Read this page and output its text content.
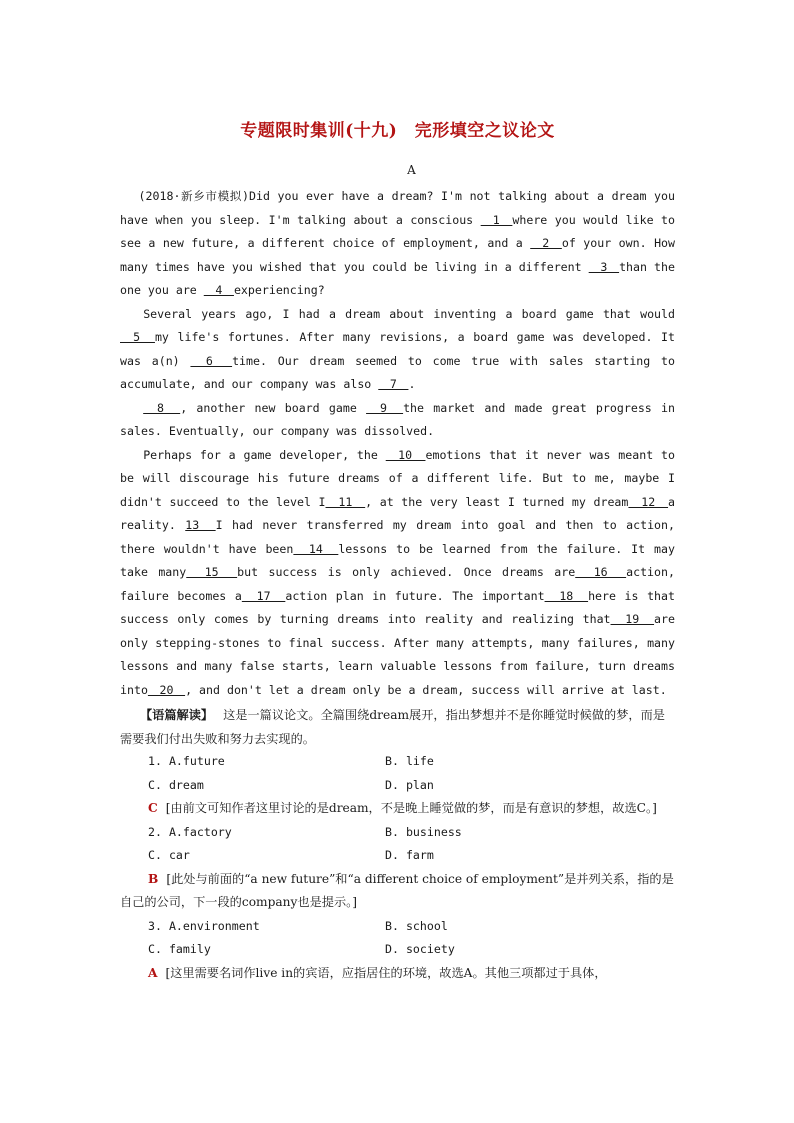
专题限时集训(十九)　完形填空之议论文
A

(2018·新乡市模拟)Did you ever have a dream? I'm not talking about a dream you have when you sleep. I'm talking about a conscious 　1　where you would like to see a new future, a different choice of employment, and a 　2　of your own. How many times have you wished that you could be living in a different 　3　than the one you are 　4　experiencing?

Several years ago, I had a dream about inventing a board game that would 　5　my life's fortunes. After many revisions, a board game was developed. It was a(n) 　6　time. Our dream seemed to come true with sales starting to accumulate, and our company was also 　7　.

　8　, another new board game 　9　the market and made great progress in sales. Eventually, our company was dissolved.

Perhaps for a game developer, the 　10　emotions that it never was meant to be will discourage his future dreams of a different life. But to me, maybe I didn't succeed to the level I　11　, at the very least I turned my dream　12　a reality. 13　I had never transferred my dream into goal and then to action, there wouldn't have been　14　lessons to be learned from the failure. It may take many　15　but success is only achieved. Once dreams are　16　action, failure becomes a　17　action plan in future. The important　18　here is that success only comes by turning dreams into reality and realizing that　19　are only stepping-stones to final success. After many attempts, many failures, many lessons and many false starts, learn valuable lessons from failure, turn dreams into　20　, and don't let a dream only be a dream, success will arrive at last.

【语篇解读】 这是一篇议论文。全篇围绕dream展开，指出梦想并不是你睡觉时候做的梦，而是需要我们付出失败和努力去实现的。
1. A.future	B. life
C. dream	D. plan
C [由前文可知作者这里讨论的是dream，不是晚上睡觉做的梦，而是有意识的梦想，故选C。]
2. A.factory	B. business
C. car	D. farm
B [此处与前面的“a new future”和“a different choice of employment”是并列关系，指的是自己的公司，下一段的company也是提示。]
3. A.environment	B. school
C. family	D. society
A [这里需要名词作live in的宾语，应指居住的环境，故选A。其他三项都过于具体，
